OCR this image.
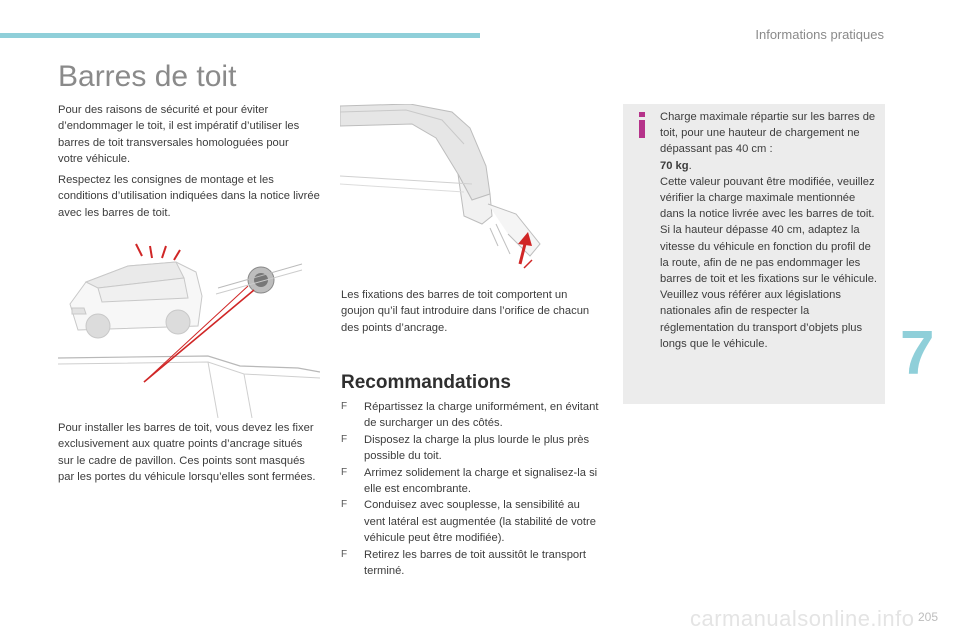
Informations pratiques
Barres de toit

Pour des raisons de sécurité et pour éviter d’endommager le toit, il est impératif d’utiliser les barres de toit transversales homologuées pour votre véhicule.

Respectez les consignes de montage et les conditions d’utilisation indiquées dans la notice livrée avec les barres de toit.

Pour installer les barres de toit, vous devez les fixer exclusivement aux quatre points d’ancrage situés sur le cadre de pavillon. Ces points sont masqués par les portes du véhicule lorsqu’elles sont fermées.

Les fixations des barres de toit comportent un goujon qu’il faut introduire dans l’orifice de chacun des points d’ancrage.

Recommandations
F Répartissez la charge uniformément, en évitant de surcharger un des côtés.
F Disposez la charge la plus lourde le plus près possible du toit.
F Arrimez solidement la charge et signalisez-la si elle est encombrante.
F Conduisez avec souplesse, la sensibilité au vent latéral est augmentée (la stabilité de votre véhicule peut être modifiée).
F Retirez les barres de toit aussitôt le transport terminé.
Charge maximale répartie sur les barres de toit, pour une hauteur de chargement ne dépassant pas 40 cm :
70 kg.
Cette valeur pouvant être modifiée, veuillez vérifier la charge maximale mentionnée dans la notice livrée avec les barres de toit.
Si la hauteur dépasse 40 cm, adaptez la vitesse du véhicule en fonction du profil de la route, afin de ne pas endommager les barres de toit et les fixations sur le véhicule.
Veuillez vous référer aux législations nationales afin de respecter la réglementation du transport d’objets plus longs que le véhicule.	7
carmanualsonline.info 205
